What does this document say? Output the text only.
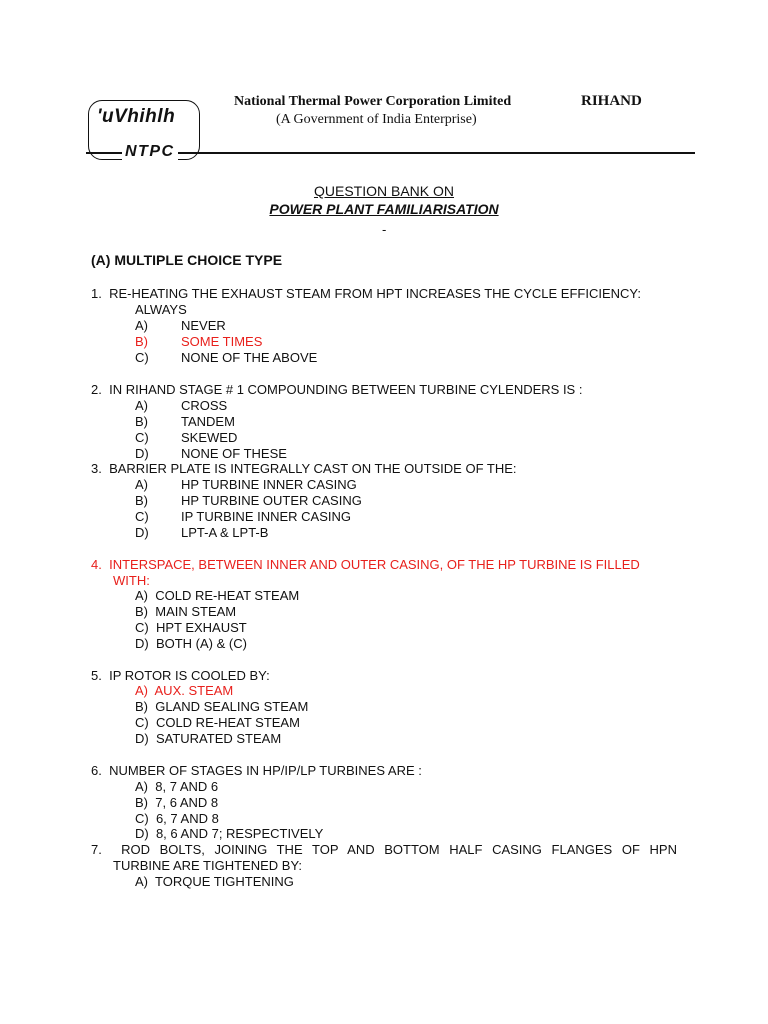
'uVhihlh
NTPC
National Thermal Power Corporation Limited
(A Government of India Enterprise)
RIHAND
QUESTION BANK ON
POWER PLANT FAMILIARISATION
-
(A) MULTIPLE CHOICE TYPE
1. RE-HEATING THE EXHAUST STEAM FROM HPT INCREASES THE CYCLE EFFICIENCY:
ALWAYS
A)	NEVER
B)	SOME TIMES
C) NONE OF THE ABOVE
2. IN RIHAND STAGE # 1 COMPOUNDING BETWEEN TURBINE CYLENDERS IS :
A)	CROSS
B)	TANDEM
C) SKEWED
D) NONE OF THESE
3. BARRIER PLATE IS INTEGRALLY CAST ON THE OUTSIDE OF THE:
A)	HP TURBINE INNER CASING
B)	HP TURBINE OUTER CASING
C) IP TURBINE INNER CASING
D) LPT-A & LPT-B
4. INTERSPACE, BETWEEN INNER AND OUTER CASING, OF THE HP TURBINE IS FILLED
WITH:
A) COLD RE-HEAT STEAM
B) MAIN STEAM
C) HPT EXHAUST
D) BOTH (A) & (C)
5. IP ROTOR IS COOLED BY:
A) AUX. STEAM
B) GLAND SEALING STEAM
C) COLD RE-HEAT STEAM
D) SATURATED STEAM
6. NUMBER OF STAGES IN HP/IP/LP TURBINES ARE :
A) 8, 7 AND 6
B) 7, 6 AND 8
C) 6, 7 AND 8
D) 8, 6 AND 7; RESPECTIVELY
7. ROD BOLTS, JOINING THE TOP AND BOTTOM HALF CASING FLANGES OF HPN
TURBINE ARE TIGHTENED BY:
A) TORQUE TIGHTENING
